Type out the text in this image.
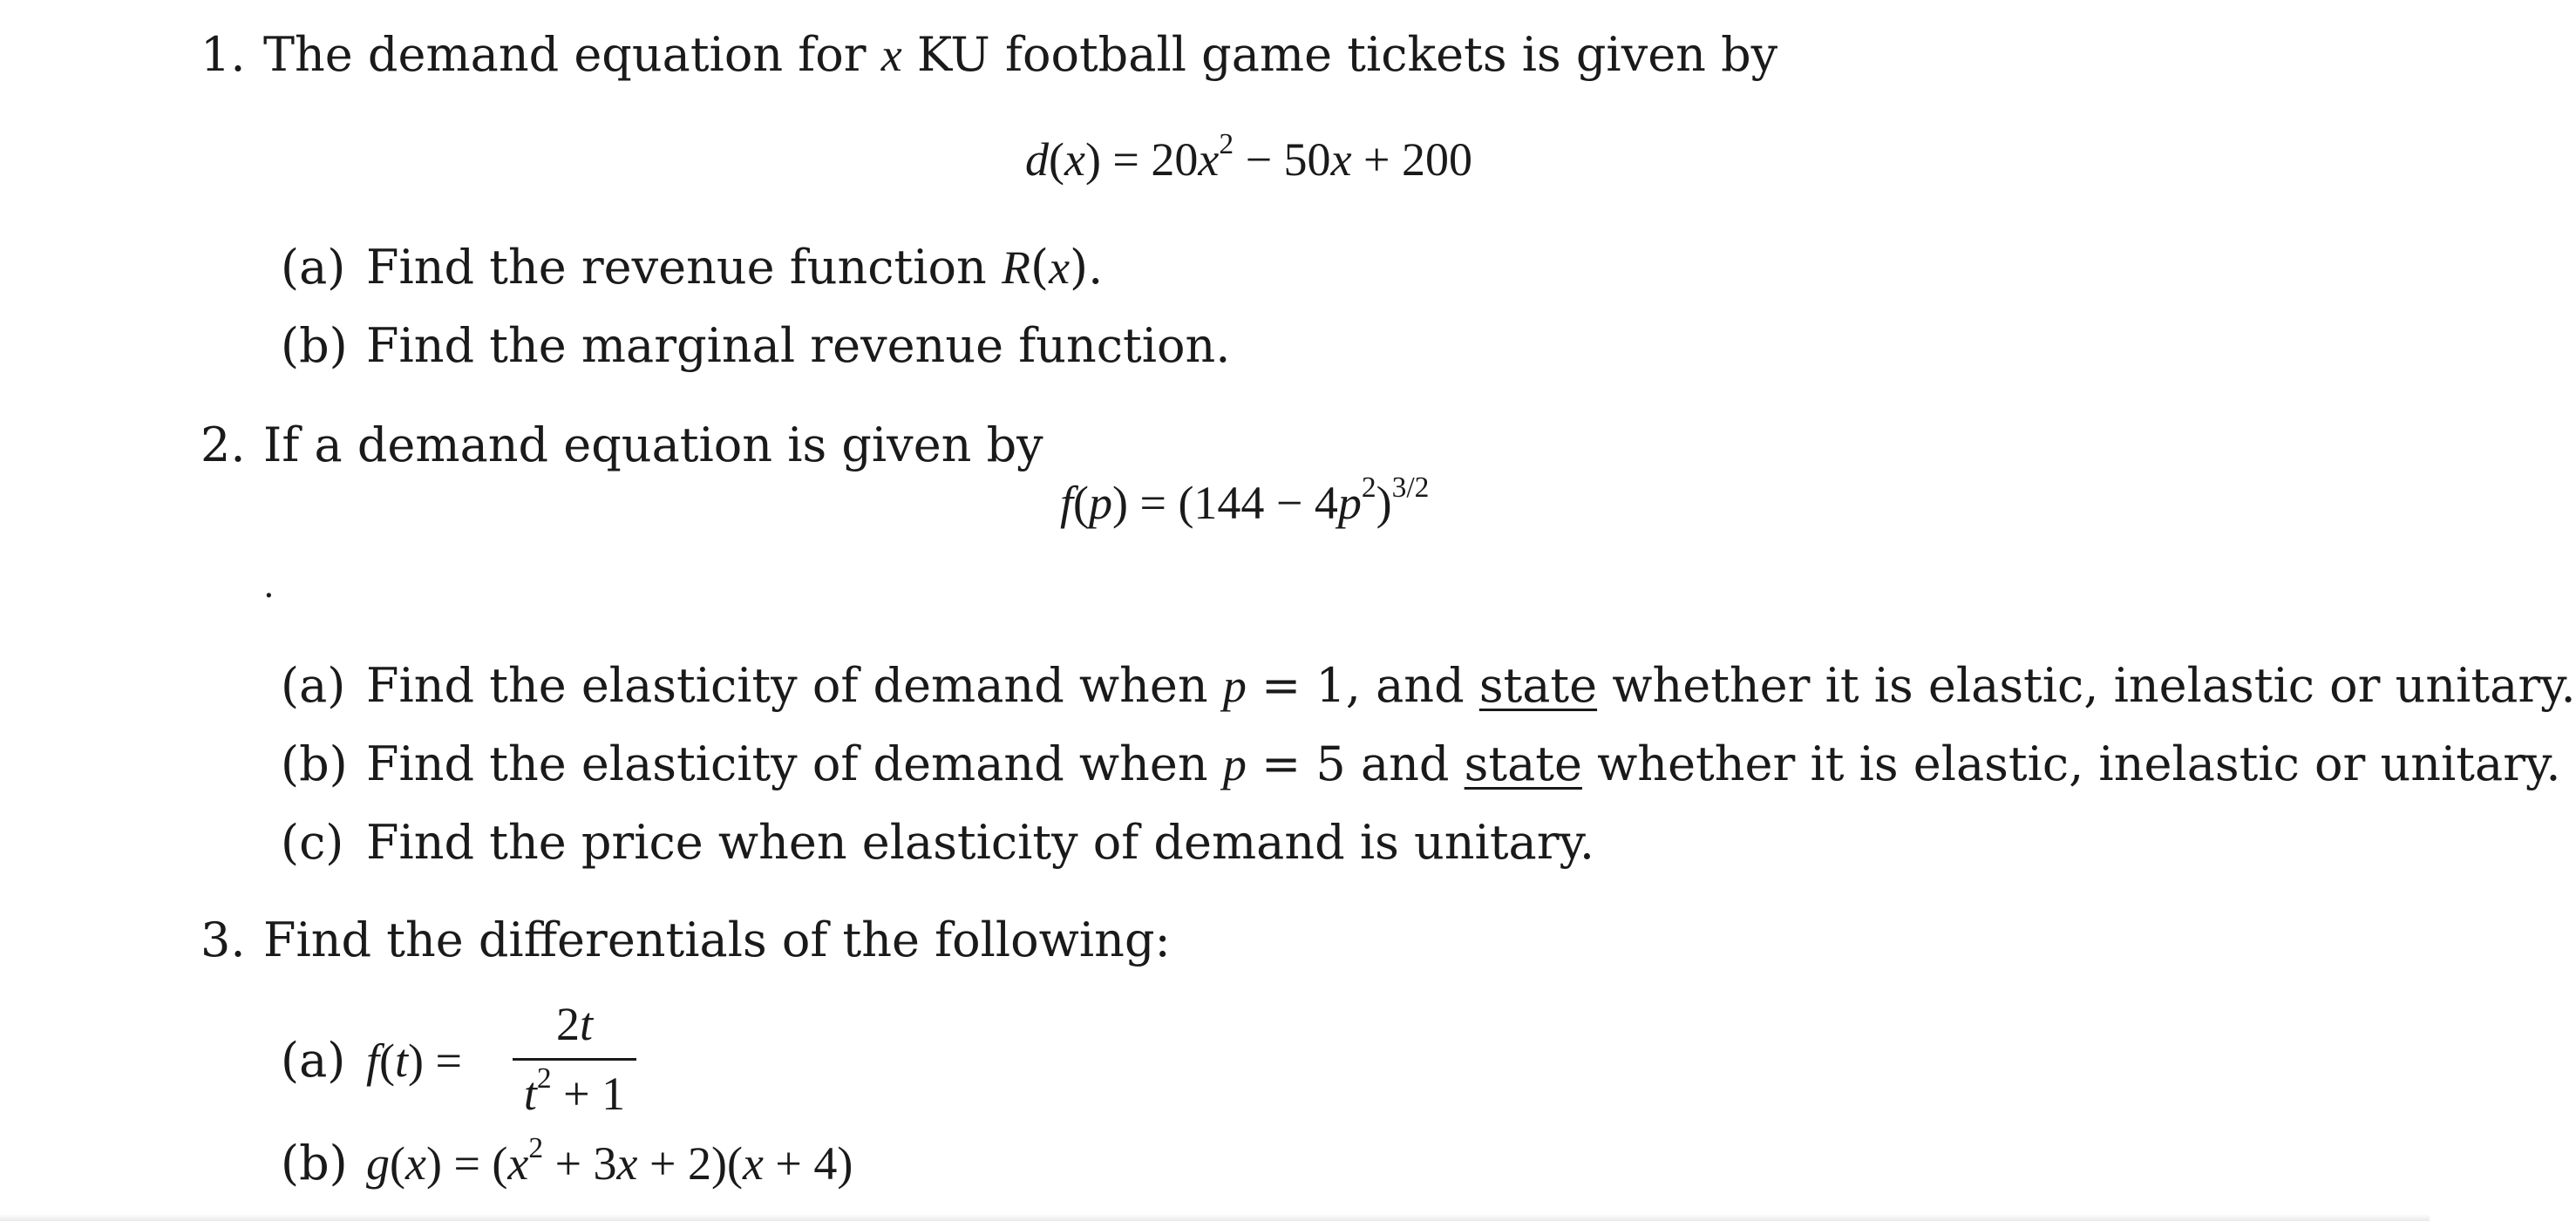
1. The demand equation for x KU football game tickets is given by
$d(x) = 20x^2 - 50x + 200$
(a) Find the revenue function R(x).
(b) Find the marginal revenue function.
2. If a demand equation is given by
$f(p) = (144 - 4p^2)^{3/2}$
.
(a) Find the elasticity of demand when p = 1, and state whether it is elastic, inelastic or unitary.
(b) Find the elasticity of demand when p = 5 and state whether it is elastic, inelastic or unitary.
(c) Find the price when elasticity of demand is unitary.
3. Find the differentials of the following:
(a) f(t) =
2t
$t^2 + 1$
(b) $g(x) = (x^2 + 3x + 2)(x + 4)$
